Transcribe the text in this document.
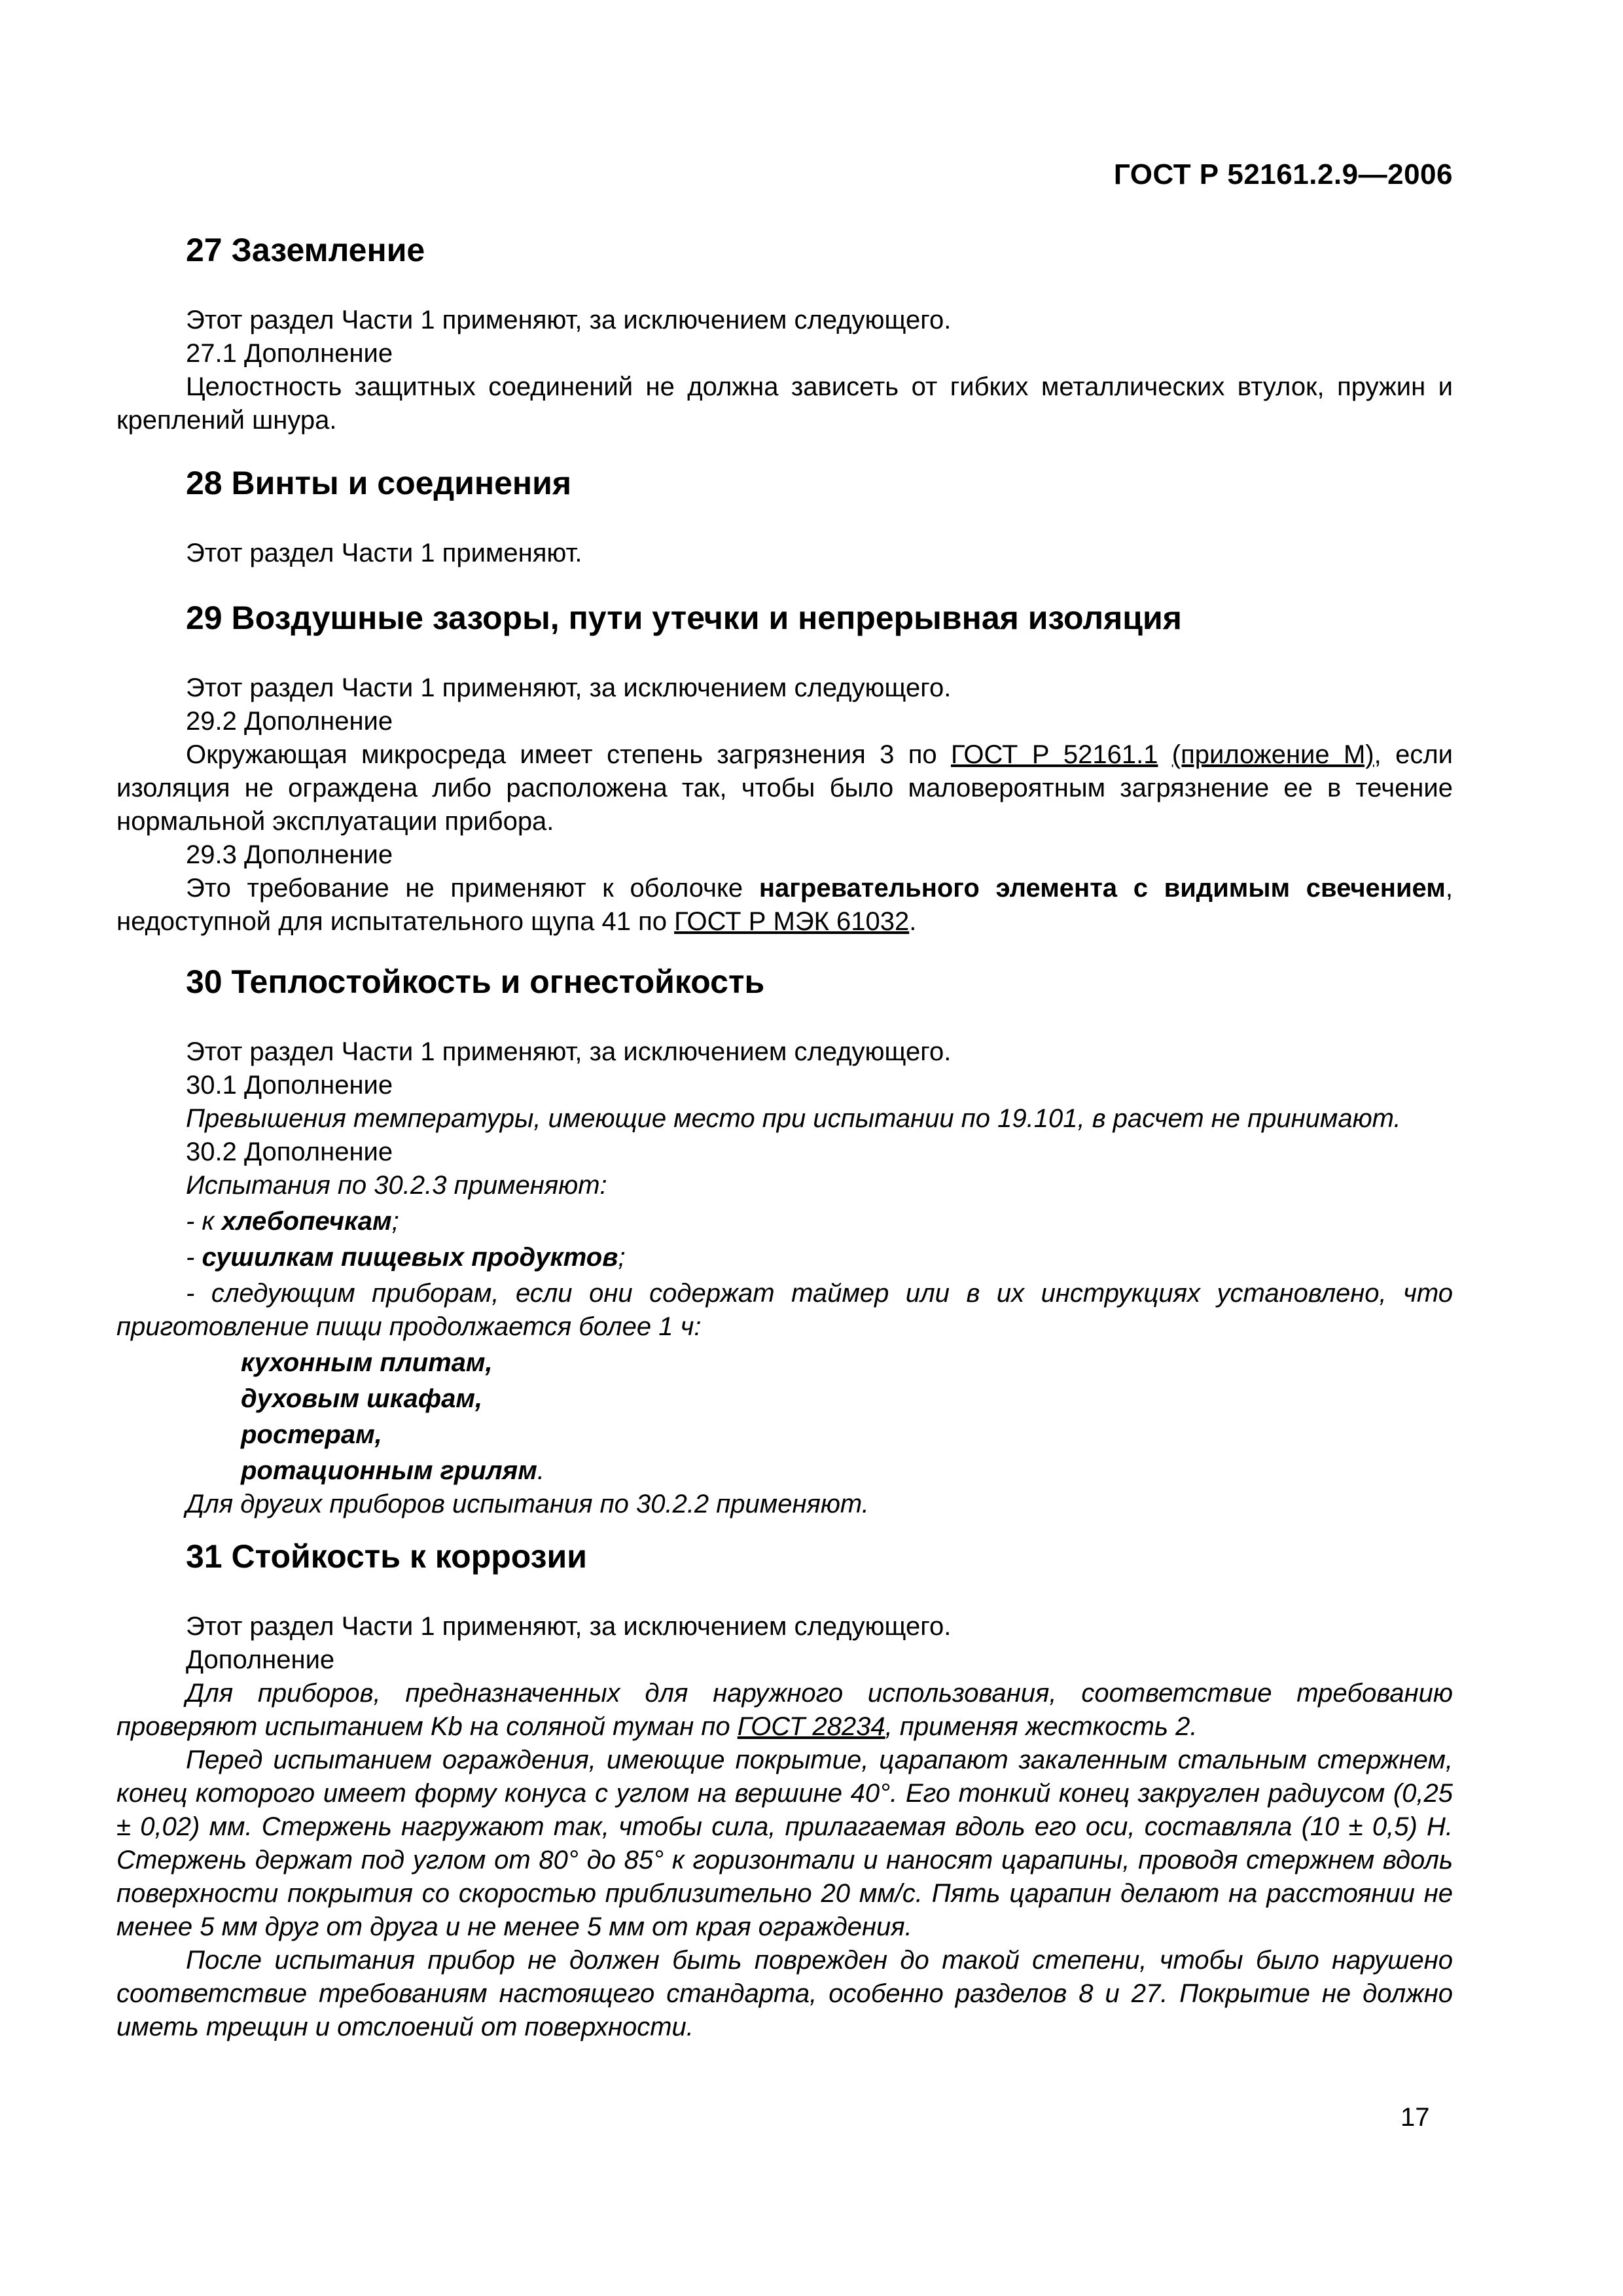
ГОСТ Р 52161.2.9—2006
27 Заземление

Этот раздел Части 1 применяют, за исключением следующего.

27.1 Дополнение

Целостность защитных соединений не должна зависеть от гибких металлических втулок, пружин и креплений шнура.

28 Винты и соединения

Этот раздел Части 1 применяют.

29 Воздушные зазоры, пути утечки и непрерывная изоляция

Этот раздел Части 1 применяют, за исключением следующего.

29.2 Дополнение

Окружающая микросреда имеет степень загрязнения 3 по ГОСТ Р 52161.1 (приложение М), если изоляция не ограждена либо расположена так, чтобы было маловероятным загрязнение ее в течение нормальной эксплуатации прибора.

29.3 Дополнение

Это требование не применяют к оболочке нагревательного элемента с видимым свечением, недоступной для испытательного щупа 41 по ГОСТ Р МЭК 61032.

30 Теплостойкость и огнестойкость

Этот раздел Части 1 применяют, за исключением следующего.

30.1 Дополнение

Превышения температуры, имеющие место при испытании по 19.101, в расчет не принимают.

30.2 Дополнение

Испытания по 30.2.3 применяют:

- к хлебопечкам;

- сушилкам пищевых продуктов;

- следующим приборам, если они содержат таймер или в их инструкциях установлено, что приготовление пищи продолжается более 1 ч:

кухонным плитам,

духовым шкафам,

ростерам,

ротационным грилям.

Для других приборов испытания по 30.2.2 применяют.

31 Стойкость к коррозии

Этот раздел Части 1 применяют, за исключением следующего.

Дополнение

Для приборов, предназначенных для наружного использования, соответствие требованию проверяют испытанием Kb на соляной туман по ГОСТ 28234, применяя жесткость 2.

Перед испытанием ограждения, имеющие покрытие, царапают закаленным стальным стержнем, конец которого имеет форму конуса с углом на вершине 40°. Его тонкий конец закруглен радиусом (0,25 ± 0,02) мм. Стержень нагружают так, чтобы сила, прилагаемая вдоль его оси, составляла (10 ± 0,5) Н. Стержень держат под углом от 80° до 85° к горизонтали и наносят царапины, проводя стержнем вдоль поверхности покрытия со скоростью приблизительно 20 мм/с. Пять царапин делают на расстоянии не менее 5 мм друг от друга и не менее 5 мм от края ограждения.

После испытания прибор не должен быть поврежден до такой степени, чтобы было нарушено соответствие требованиям настоящего стандарта, особенно разделов 8 и 27. Покрытие не должно иметь трещин и отслоений от поверхности.

17
